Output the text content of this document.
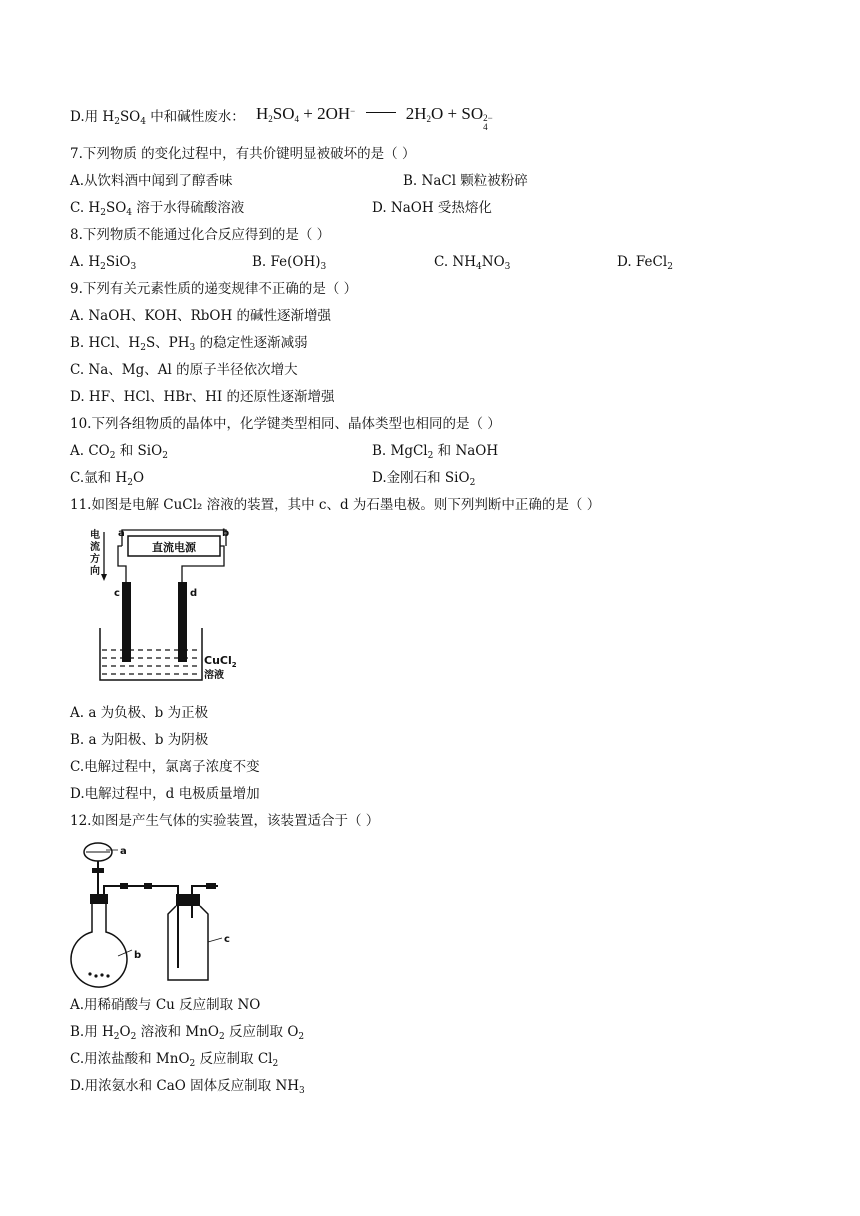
D.用 $H_2SO_4$ 中和碱性废水： $H_2SO_4 + 2OH^-$	$2H_2O$ + SO 2−
4
7.下列物质 的变化过程中，有共价键明显被破坏的是（ ）
A.从饮料酒中闻到了醇香味	B. NaCl 颗粒被粉碎
C. $H_2SO_4$ 溶于水得硫酸溶液	D. NaOH 受热熔化
8.下列物质不能通过化合反应得到的是（ ）
A. $H_2SiO_3$	B. $Fe(OH)_3$	C. $NH_4NO_3$	D. FeCl$_2$
9.下列有关元素性质的递变规律不正确的是（ ）
A. NaOH、KOH、RbOH 的碱性逐渐增强
B. HCl、$H_2S$、$PH_3$ 的稳定性逐渐减弱
C. Na、Mg、Al 的原子半径依次增大
D. HF、HCl、HBr、HI 的还原性逐渐增强
10.下列各组物质的晶体中，化学键类型相同、晶体类型也相同的是（ ）
A. $CO_2$ 和 SiO$_2$	B. MgCl$_2$ 和 NaOH
C.氩和 $H_2O$	D.金刚石和 SiO$_2$
11.如图是电解 CuCl₂ 溶液的装置，其中 c、d 为石墨电极。则下列判断中正确的是（ ）
电流方向
直流电源
a	b
c	d
CuCl$_2$
溶液
A. a 为负极、b 为正极
B. a 为阳极、b 为阴极
C.电解过程中，氯离子浓度不变
D.电解过程中，d 电极质量增加
12.如图是产生气体的实验装置，该装置适合于（ ）
a
b
c
A.用稀硝酸与 Cu 反应制取 NO
B.用 $H_2O_2$ 溶液和 MnO$_2$ 反应制取 $O_2$
C.用浓盐酸和 MnO$_2$ 反应制取 $Cl_2$
D.用浓氨水和 CaO 固体反应制取 $NH_3$
